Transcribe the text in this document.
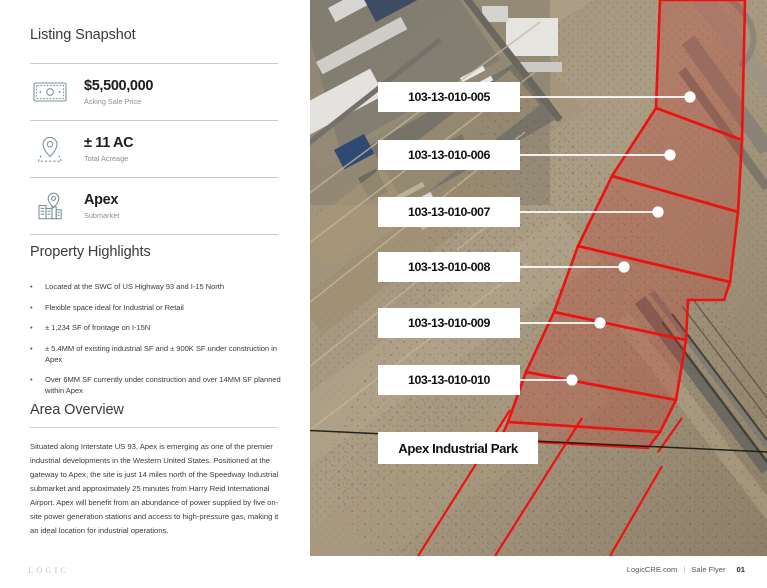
Listing Snapshot
$5,500,000
Asking Sale Price
± 11 AC
Total Acreage
Apex
Submarket
Property Highlights
•	Located at the SWC of US Highway 93 and I-15 North
•	Flexible space ideal for Industrial or Retail
•	± 1,234 SF of frontage on I-15N
•	± 5.4MM of existing industrial SF and ± 900K SF under construction in Apex
•	Over 6MM SF currently under construction and over 14MM SF planned within Apex
Area Overview
Situated along Interstate US 93, Apex is emerging as one of the premier industrial developments in the Western United States. Positioned at the gateway to Apex, the site is just 14 miles north of the Speedway Industrial submarket and approximately 25 minutes from Harry Reid International Airport. Apex will benefit from an abundance of power supplied by five on-site power generation stations and access to high-pressure gas, making it an ideal location for industrial operations.
103-13-010-005
103-13-010-006
103-13-010-007
103-13-010-008
103-13-010-009
103-13-010-010
Apex Industrial Park
LOGIC	LogicCRE.com | Sale Flyer 01
